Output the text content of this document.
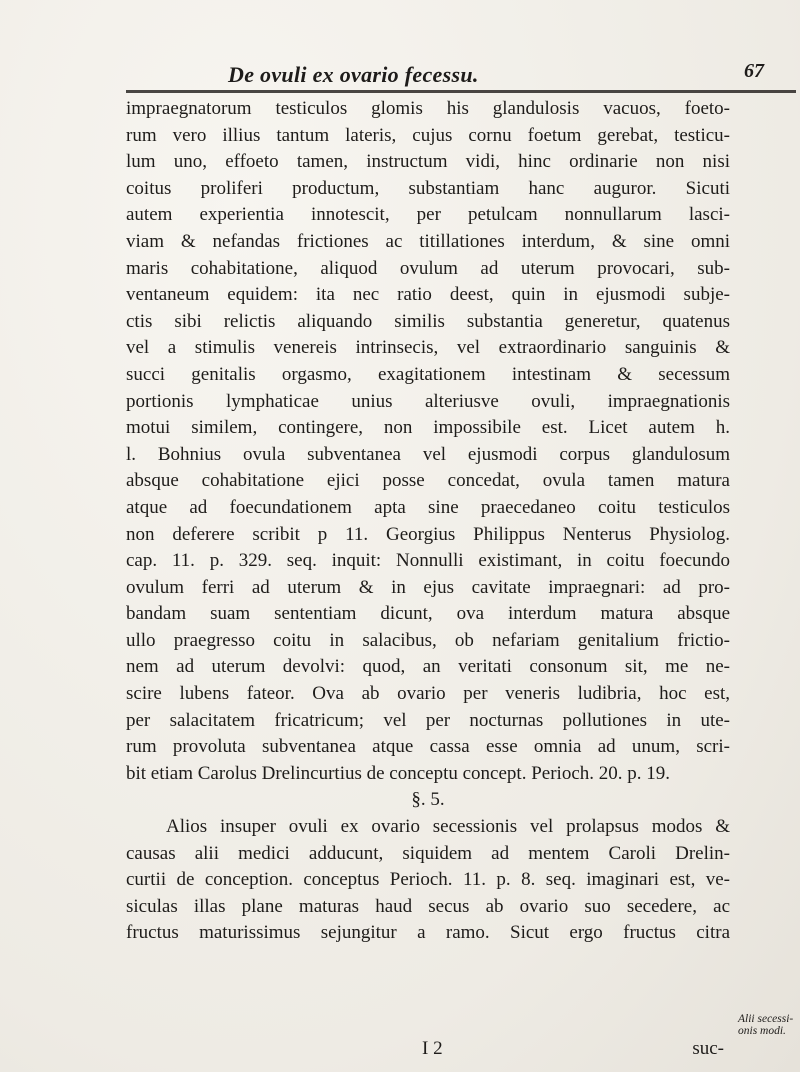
De ovuli ex ovario fecessu.	67
impraegnatorum testiculos glomis his glandulosis vacuos, foeto-
rum vero illius tantum lateris, cujus cornu foetum gerebat, testicu-
lum uno, effoeto tamen, instructum vidi, hinc ordinarie non nisi
coitus proliferi productum, substantiam hanc auguror. Sicuti
autem experientia innotescit, per petulcam nonnullarum lasci-
viam & nefandas frictiones ac titillationes interdum, & sine omni
maris cohabitatione, aliquod ovulum ad uterum provocari, sub-
ventaneum equidem: ita nec ratio deest, quin in ejusmodi subje-
ctis sibi relictis aliquando similis substantia generetur, quatenus
vel a stimulis venereis intrinsecis, vel extraordinario sanguinis &
succi genitalis orgasmo, exagitationem intestinam & secessum
portionis lymphaticae unius alteriusve ovuli, impraegnationis
motui similem, contingere, non impossibile est. Licet autem h.
l. Bohnius ovula subventanea vel ejusmodi corpus glandulosum
absque cohabitatione ejici posse concedat, ovula tamen matura
atque ad foecundationem apta sine praecedaneo coitu testiculos
non deferere scribit p 11. Georgius Philippus Nenterus Physiolog.
cap. 11. p. 329. seq. inquit: Nonnulli existimant, in coitu foecundo
ovulum ferri ad uterum & in ejus cavitate impraegnari: ad pro-
bandam suam sententiam dicunt, ova interdum matura absque
ullo praegresso coitu in salacibus, ob nefariam genitalium frictio-
nem ad uterum devolvi: quod, an veritati consonum sit, me ne-
scire lubens fateor. Ova ab ovario per veneris ludibria, hoc est,
per salacitatem fricatricum; vel per nocturnas pollutiones in ute-
rum provoluta subventanea atque cassa esse omnia ad unum, scri-
bit etiam Carolus Drelincurtius de conceptu concept. Perioch. 20. p. 19.
§. 5.
Alios insuper ovuli ex ovario secessionis vel prolapsus modos &
causas alii medici adducunt, siquidem ad mentem Caroli Drelin-
curtii de conception. conceptus Perioch. 11. p. 8. seq. imaginari est, ve-
siculas illas plane maturas haud secus ab ovario suo secedere, ac
fructus maturissimus sejungitur a ramo. Sicut ergo fructus citra
Alii secessi-
onis modi.
I 2	suc-
